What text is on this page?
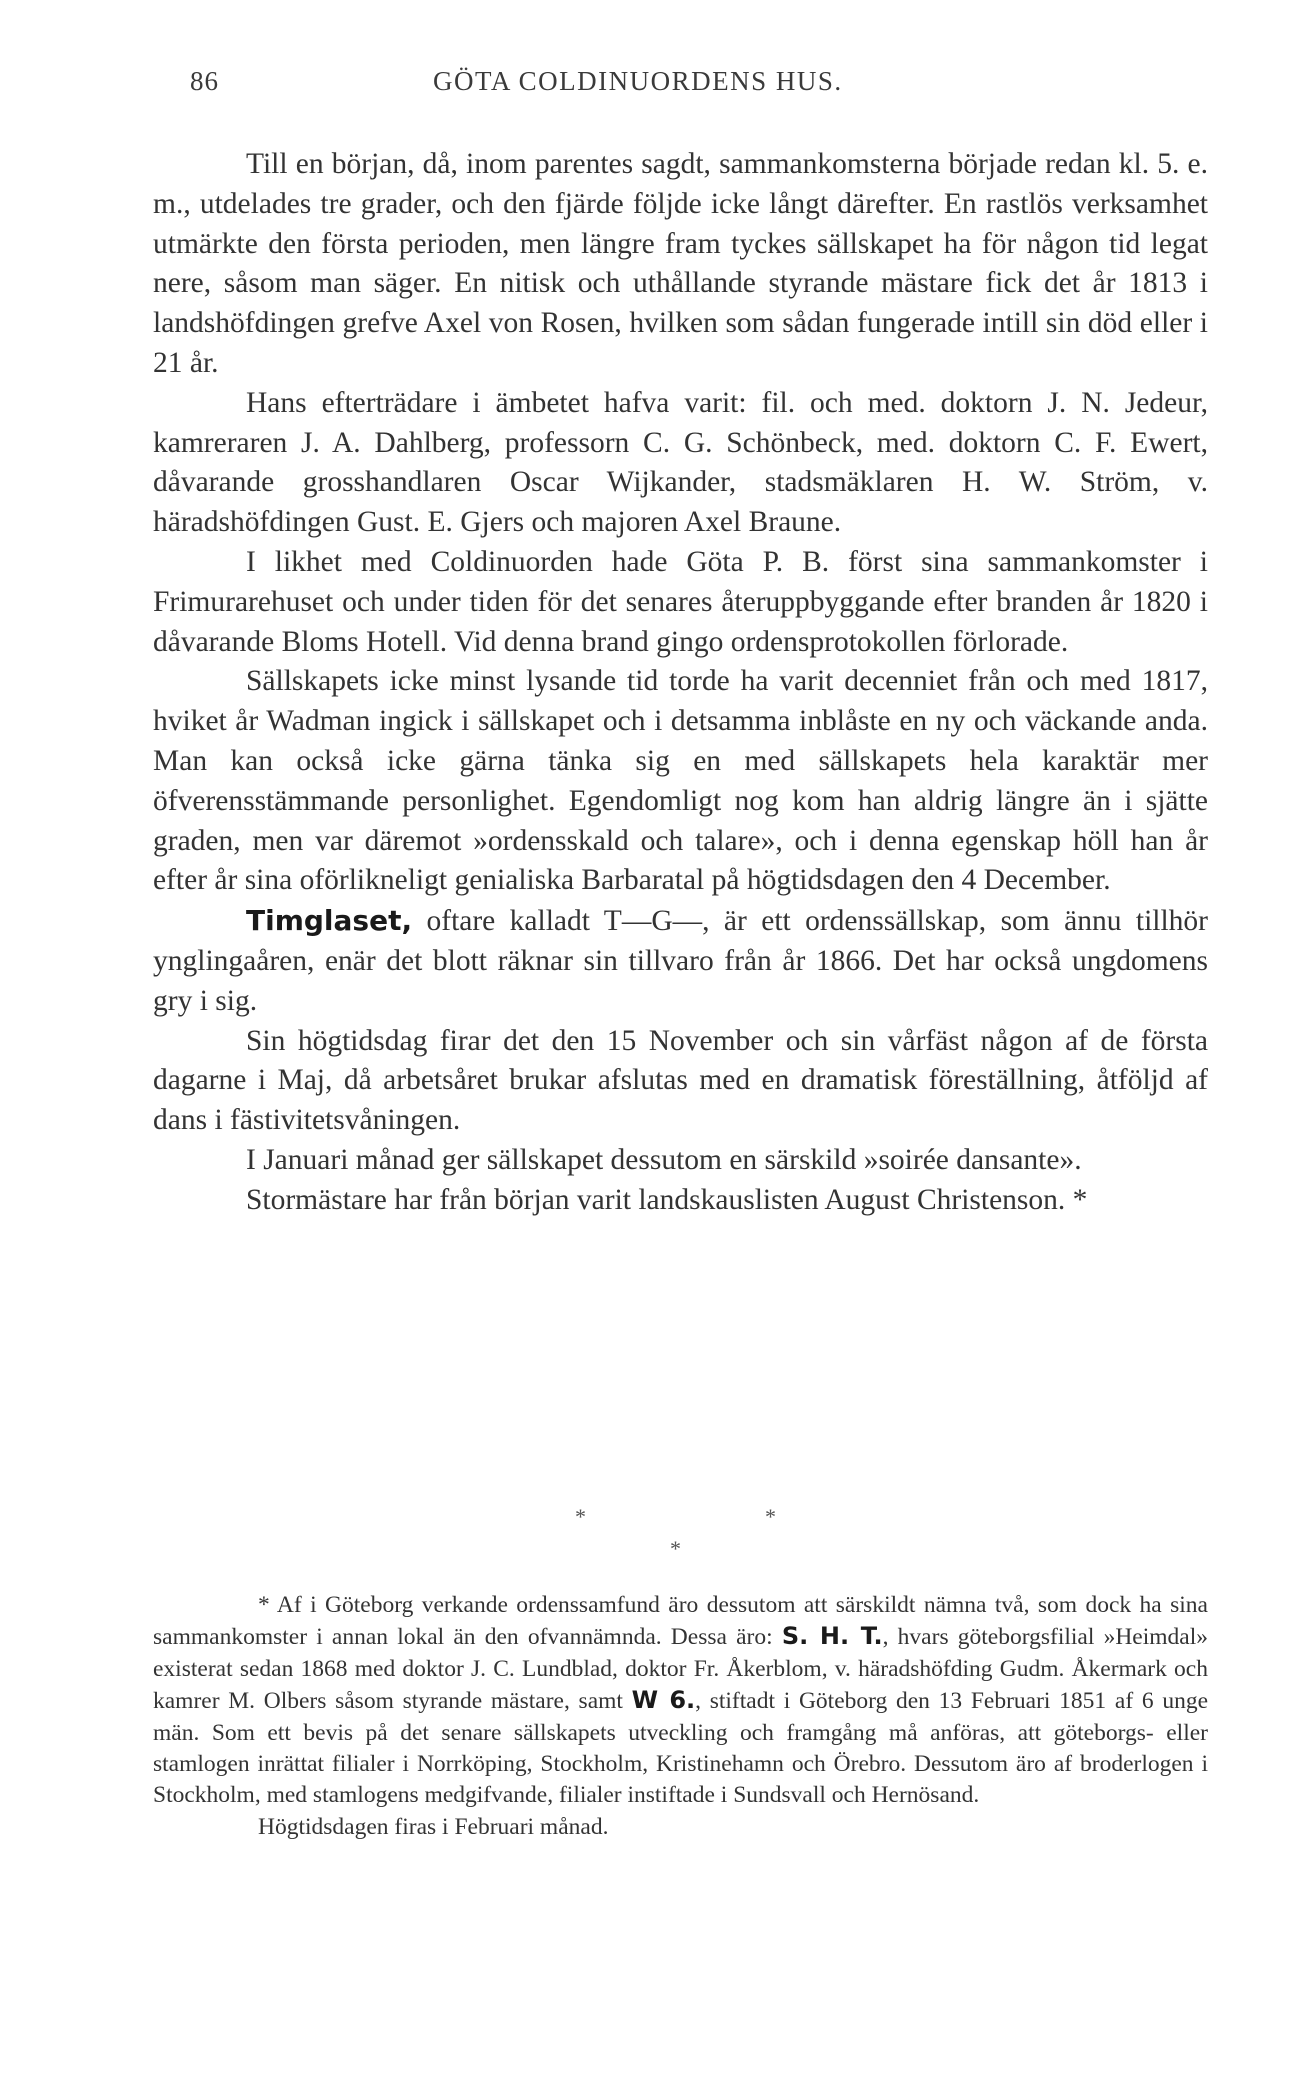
86	GÖTA COLDINUORDENS HUS.

Till en början, då, inom parentes sagdt, sammankomsterna började redan kl. 5. e. m., utdelades tre grader, och den fjärde följde icke långt därefter. En rastlös verksamhet utmärkte den första perioden, men längre fram tyckes sällskapet ha för någon tid legat nere, såsom man säger. En nitisk och uthållande styrande mästare fick det år 1813 i landshöfdingen grefve Axel von Rosen, hvilken som sådan fungerade intill sin död eller i 21 år.

Hans efterträdare i ämbetet hafva varit: fil. och med. doktorn J. N. Jedeur, kamreraren J. A. Dahlberg, professorn C. G. Schönbeck, med. doktorn C. F. Ewert, dåvarande grosshandlaren Oscar Wijkander, stadsmäklaren H. W. Ström, v. häradshöfdingen Gust. E. Gjers och majoren Axel Braune.

I likhet med Coldinuorden hade Göta P. B. först sina sammankomster i Frimurarehuset och under tiden för det senares återuppbyggande efter branden år 1820 i dåvarande Bloms Hotell. Vid denna brand gingo ordensprotokollen förlorade.

Sällskapets icke minst lysande tid torde ha varit decenniet från och med 1817, hviket år Wadman ingick i sällskapet och i detsamma inblåste en ny och väckande anda. Man kan också icke gärna tänka sig en med sällskapets hela karaktär mer öfverensstämmande personlighet. Egendomligt nog kom han aldrig längre än i sjätte graden, men var däremot »ordensskald och talare», och i denna egenskap höll han år efter år sina oförlikneligt genialiska Barbaratal på högtidsdagen den 4 December.

Timglaset, oftare kalladt T—G—, är ett ordenssällskap, som ännu tillhör ynglingaåren, enär det blott räknar sin tillvaro från år 1866. Det har också ungdomens gry i sig.

Sin högtidsdag firar det den 15 November och sin vårfäst någon af de första dagarne i Maj, då arbetsåret brukar afslutas med en dramatisk föreställning, åtföljd af dans i fästivitetsvåningen.

I Januari månad ger sällskapet dessutom en särskild »soirée dansante».

Stormästare har från början varit landskauslisten August Christenson. *

*	*
*

* Af i Göteborg verkande ordenssamfund äro dessutom att särskildt nämna två, som dock ha sina sammankomster i annan lokal än den ofvannämnda. Dessa äro: S. H. T., hvars göteborgsfilial »Heimdal» existerat sedan 1868 med doktor J. C. Lundblad, doktor Fr. Åkerblom, v. häradshöfding Gudm. Åkermark och kamrer M. Olbers såsom styrande mästare, samt W 6., stiftadt i Göteborg den 13 Februari 1851 af 6 unge män. Som ett bevis på det senare sällskapets utveckling och framgång må anföras, att göteborgs- eller stamlogen inrättat filialer i Norrköping, Stockholm, Kristinehamn och Örebro. Dessutom äro af broderlogen i Stockholm, med stamlogens medgifvande, filialer instiftade i Sundsvall och Hernösand.

Högtidsdagen firas i Februari månad.
